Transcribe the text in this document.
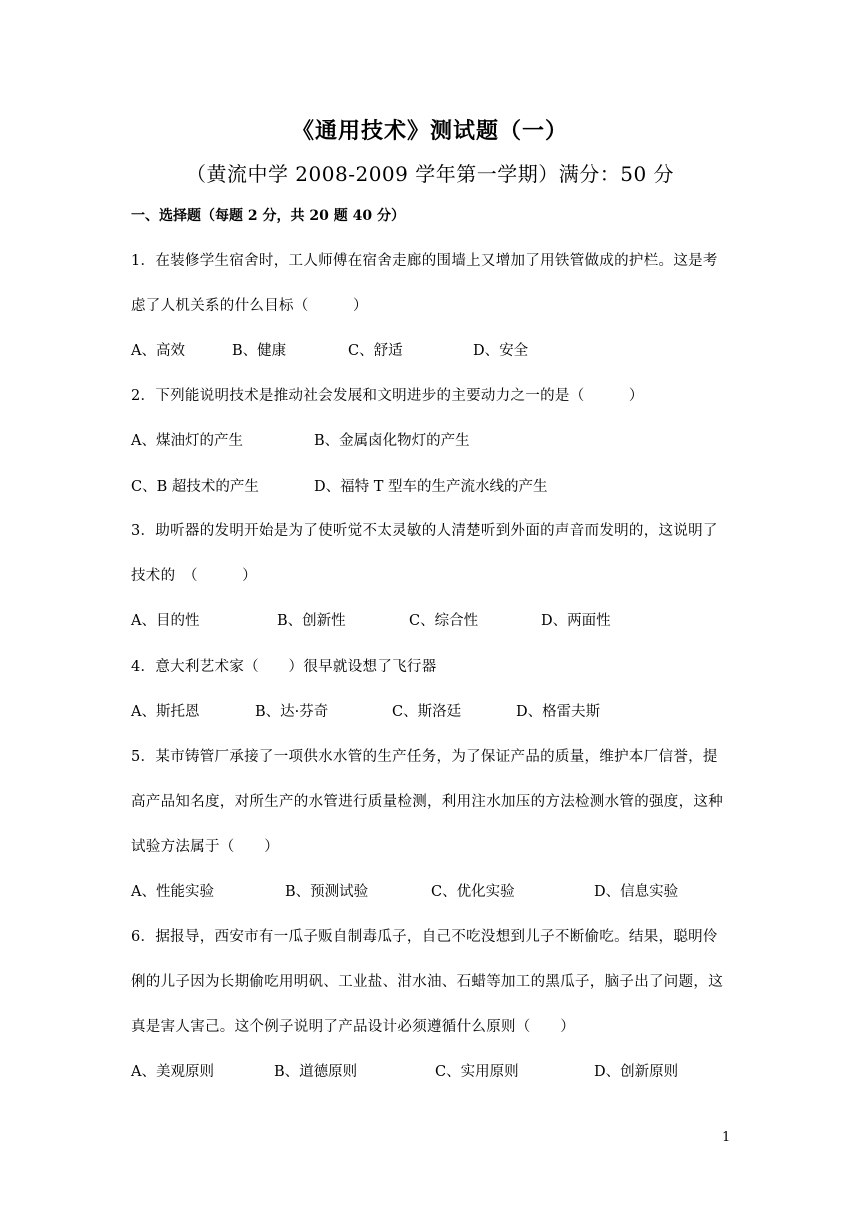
《通用技术》测试题（一）
（黄流中学 2008-2009 学年第一学期）满分：50 分
一、选择题（每题 2 分，共 20 题 40 分）
1．在装修学生宿舍时，工人师傅在宿舍走廊的围墙上又增加了用铁管做成的护栏。这是考
虑了人机关系的什么目标（　　　）
A、高效	B、健康	C、舒适	D、安全
2．下列能说明技术是推动社会发展和文明进步的主要动力之一的是（　　　）
A、煤油灯的产生	B、金属卤化物灯的产生
C、B 超技术的产生	D、福特 T 型车的生产流水线的产生
3．助听器的发明开始是为了使听觉不太灵敏的人清楚听到外面的声音而发明的，这说明了
技术的　（　　　）
A、目的性	B、创新性	C、综合性	D、两面性
4．意大利艺术家（　　）很早就设想了飞行器
A、斯托恩	B、达·芬奇	C、斯洛廷	D、格雷夫斯
5．某市铸管厂承接了一项供水水管的生产任务，为了保证产品的质量，维护本厂信誉，提
高产品知名度，对所生产的水管进行质量检测，利用注水加压的方法检测水管的强度，这种
试验方法属于（　　）
A、性能实验	B、预测试验	C、优化实验	D、信息实验
6．据报导，西安市有一瓜子贩自制毒瓜子，自己不吃没想到儿子不断偷吃。结果，聪明伶
俐的儿子因为长期偷吃用明矾、工业盐、泔水油、石蜡等加工的黑瓜子，脑子出了问题，这
真是害人害己。这个例子说明了产品设计必须遵循什么原则（　　）
A、美观原则	B、道德原则	C、实用原则	D、创新原则
1
